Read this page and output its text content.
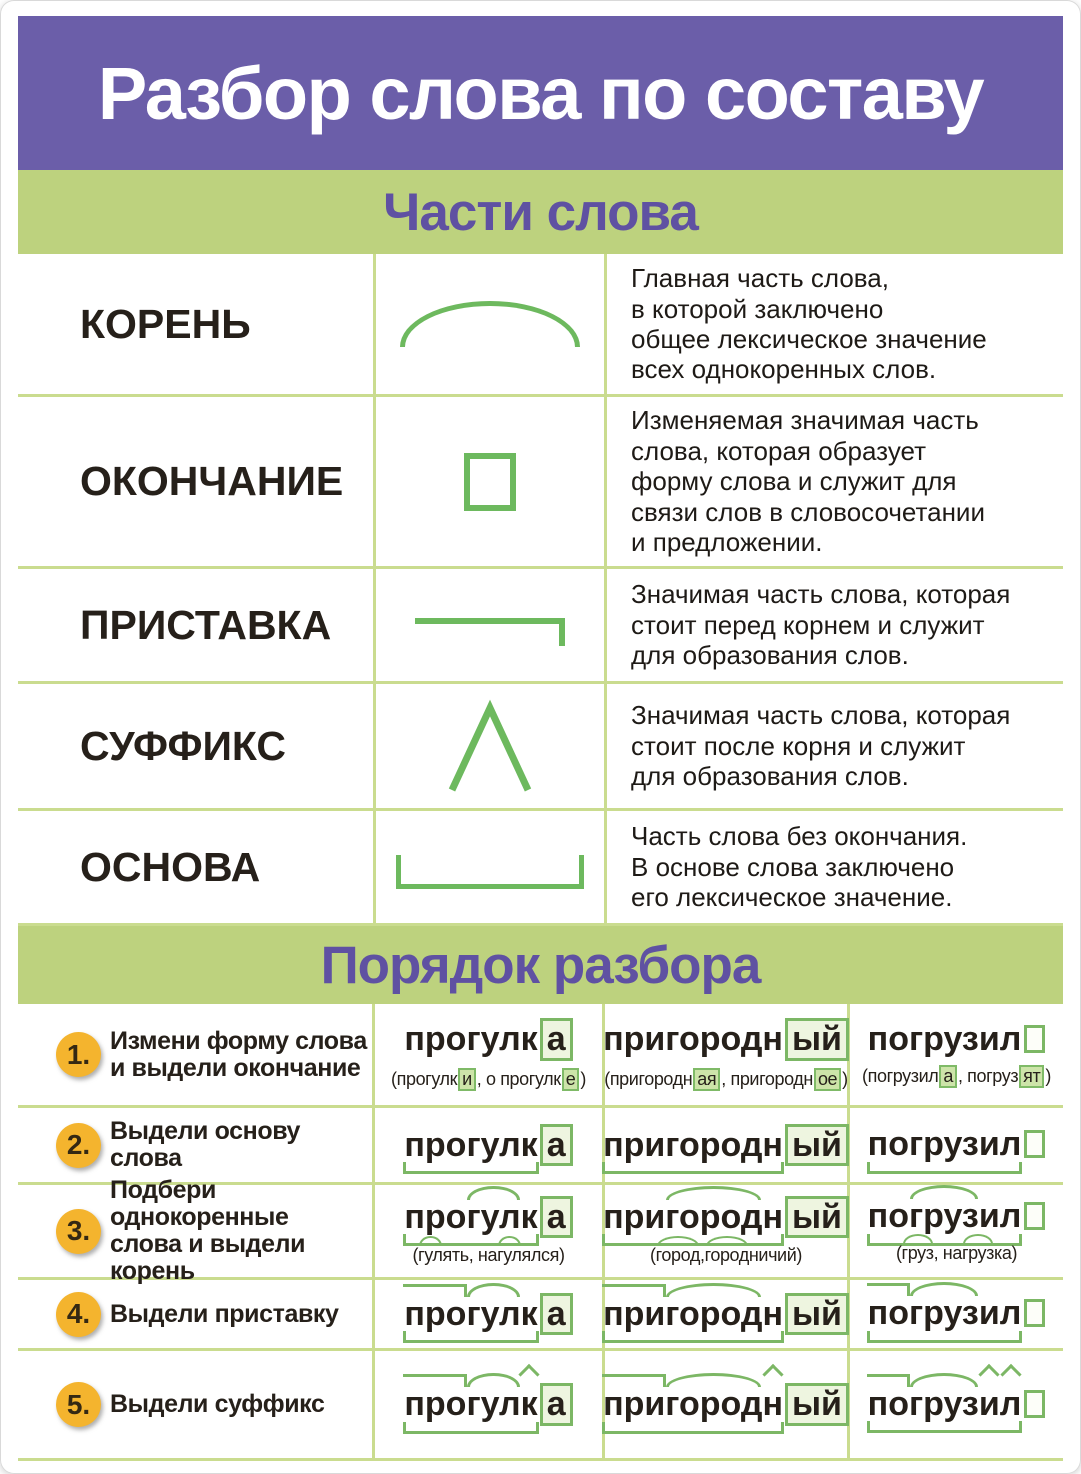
Разбор слова по составу
Части слова
КОРЕНЬ
Главная часть слова,
в которой заключено
общее лексическое значение
всех однокоренных слов.
ОКОНЧАНИЕ
Изменяемая значимая часть
слова, которая образует
форму слова и служит для
связи слов в словосочетании
и предложении.
ПРИСТАВКА
Значимая часть слова, которая
стоит перед корнем и служит
для образования слов.
СУФФИКС
Значимая часть слова, которая
стоит после корня и служит
для образования слов.
ОСНОВА
Часть слова без окончания.
В основе слова заключено
его лексическое значение.
Порядок разбора
1. Измени форму слова
и выдели окончание
прогулк а
(прогулк и , о прогулк е )
пригородн ый
(пригородн ая , пригородн ое )
погрузил
(погрузил а , погруз ят )
2. Выдели основу слова	прогулк а пригородн ый погрузил
3.
Подбери однокоренные
слова и выдели корень
прогулк а
(гулять, нагулялся)
пригородн ый
(город,городничий)
погрузил
(груз, нагрузка)
4. Выдели приставку прогулк а пригородн ый погрузил
5. Выдели суффикс прогулк а пригородн ый погрузил
